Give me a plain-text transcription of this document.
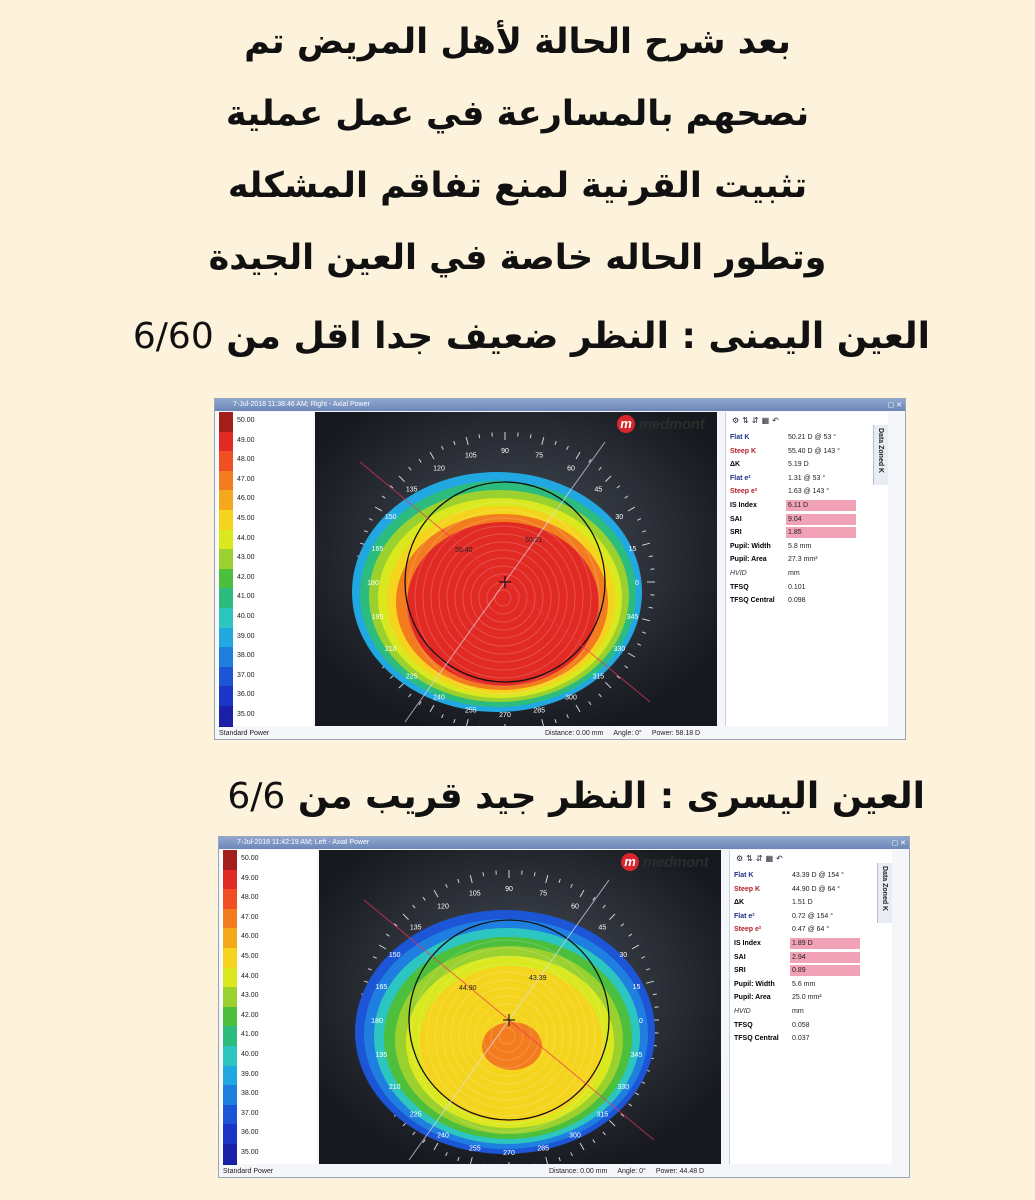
بعد شرح الحالة لأهل المريض تم
نصحهم بالمسارعة في عمل عملية
تثبيت القرنية لمنع تفاقم المشكله
وتطور الحاله خاصة في العين الجيدة
العين اليمنى : النظر ضعيف جدا اقل من 6/60
العين اليسرى : النظر جيد قريب من 6/6
7-Jul-2018 11:38:46 AM; Right - Axial Power	▢ ✕
50.00
49.00
48.00
47.00
46.00
45.00
44.00
43.00
42.00
41.00
40.00
39.00
38.00
37.00
36.00
35.00
Standard Power
90
75
105
120	60
45
135
150	30
15
165
0
180
345
195
330
210
225	315
240	300
255	285
270
55.40
50.21
Distance: 0.00 mm Angle: 0° Power: 58.18 D
m medmont	⚙⇅⇵▦↶
Data Zoned K
Flat K	50.21 D @ 53 °
Steep K	55.40 D @ 143 °
ΔK	5.19 D
Flat e²	1.31 @ 53 °
Steep e²	1.63 @ 143 °
IS Index	6.11 D
SAI	9.04
SRI	1.85
Pupil: Width 5.8 mm
Pupil: Area	27.3 mm²
HVID	mm
TFSQ	0.101
TFSQ Central 0.098
7-Jul-2018 11:42:19 AM; Left - Axial Power	▢ ✕
50.00
49.00
48.00
47.00
46.00
45.00
44.00
43.00
42.00
41.00
40.00
39.00
38.00
37.00
36.00
35.00
Standard Power
90
75
105
120	60
45
135
150	30
15
165
0
180
345
195
330
210
225	315
240	300
255	285
270
44.90
43.39
Distance: 0.00 mm Angle: 0° Power: 44.48 D
m medmont	⚙⇅⇵▦↶
Data Zoned K
Flat K	43.39 D @ 154 °
Steep K	44.90 D @ 64 °
ΔK	1.51 D
Flat e²	0.72 @ 154 °
Steep e²	0.47 @ 64 °
IS Index	1.89 D
SAI	2.94
SRI	0.89
Pupil: Width 5.6 mm
Pupil: Area	25.0 mm²
HVID	mm
TFSQ	0.058
TFSQ Central 0.037
